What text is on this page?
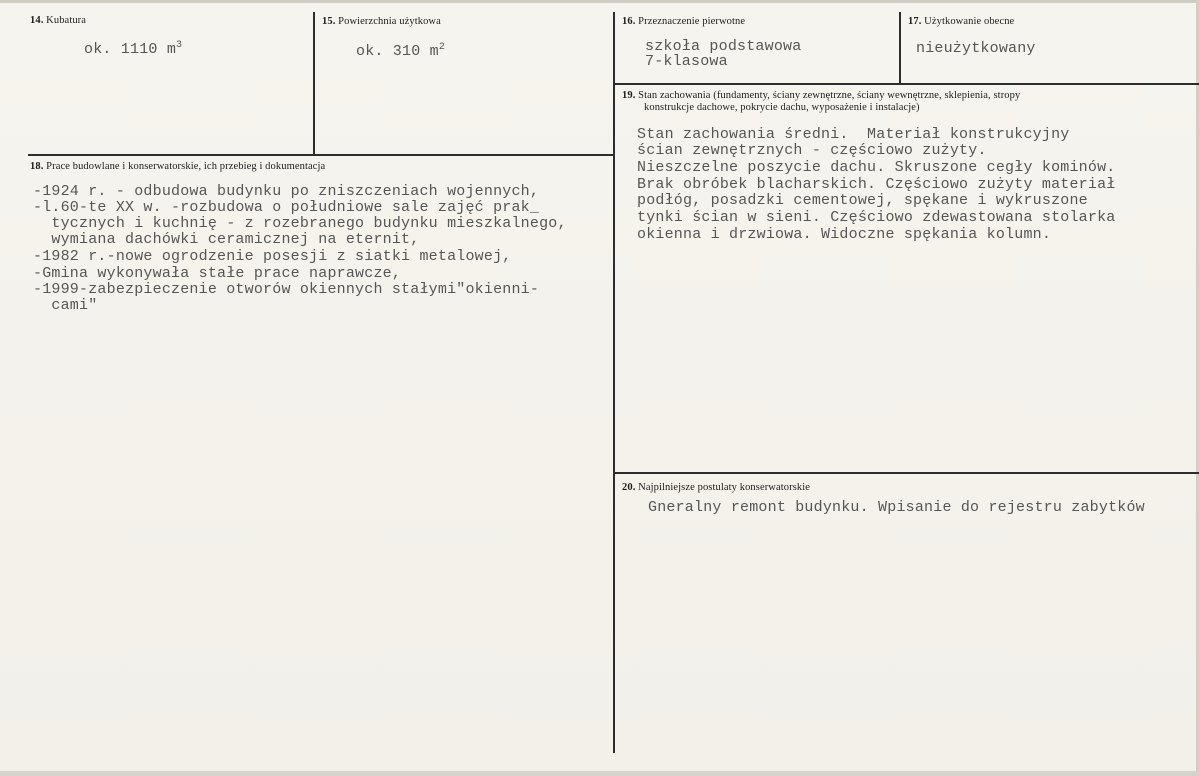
14. Kubatura
ok. 1110 $m^3$
15. Powierzchnia użytkowa
ok. 310 $m^2$
16. Przeznaczenie pierwotne
szkoła podstawowa
7-klasowa
17. Użytkowanie obecne
nieużytkowany
19. Stan zachowania (fundamenty, ściany zewnętrzne, ściany wewnętrzne, sklepienia, stropy
konstrukcje dachowe, pokrycie dachu, wyposażenie i instalacje)
Stan zachowania średni.  Materiał konstrukcyjny
ścian zewnętrznych - częściowo zużyty.
Nieszczelne poszycie dachu. Skruszone cegły kominów.
Brak obróbek blacharskich. Częściowo zużyty materiał
podłóg, posadzki cementowej, spękane i wykruszone
tynki ścian w sieni. Częściowo zdewastowana stolarka
okienna i drzwiowa. Widoczne spękania kolumn.
18. Prace budowlane i konserwatorskie, ich przebieg i dokumentacja
-1924 r. - odbudowa budynku po zniszczeniach wojennych,
-l.60-te XX w. -rozbudowa o południowe sale zajęć prak_
tycznych i kuchnię - z rozebranego budynku mieszkalnego,
wymiana dachówki ceramicznej na eternit,
-1982 r.-nowe ogrodzenie posesji z siatki metalowej,
-Gmina wykonywała stałe prace naprawcze,
-1999-zabezpieczenie otworów okiennych stałymi"okienni-
cami"
20. Najpilniejsze postulaty konserwatorskie
Gneralny remont budynku. Wpisanie do rejestru zabytków
